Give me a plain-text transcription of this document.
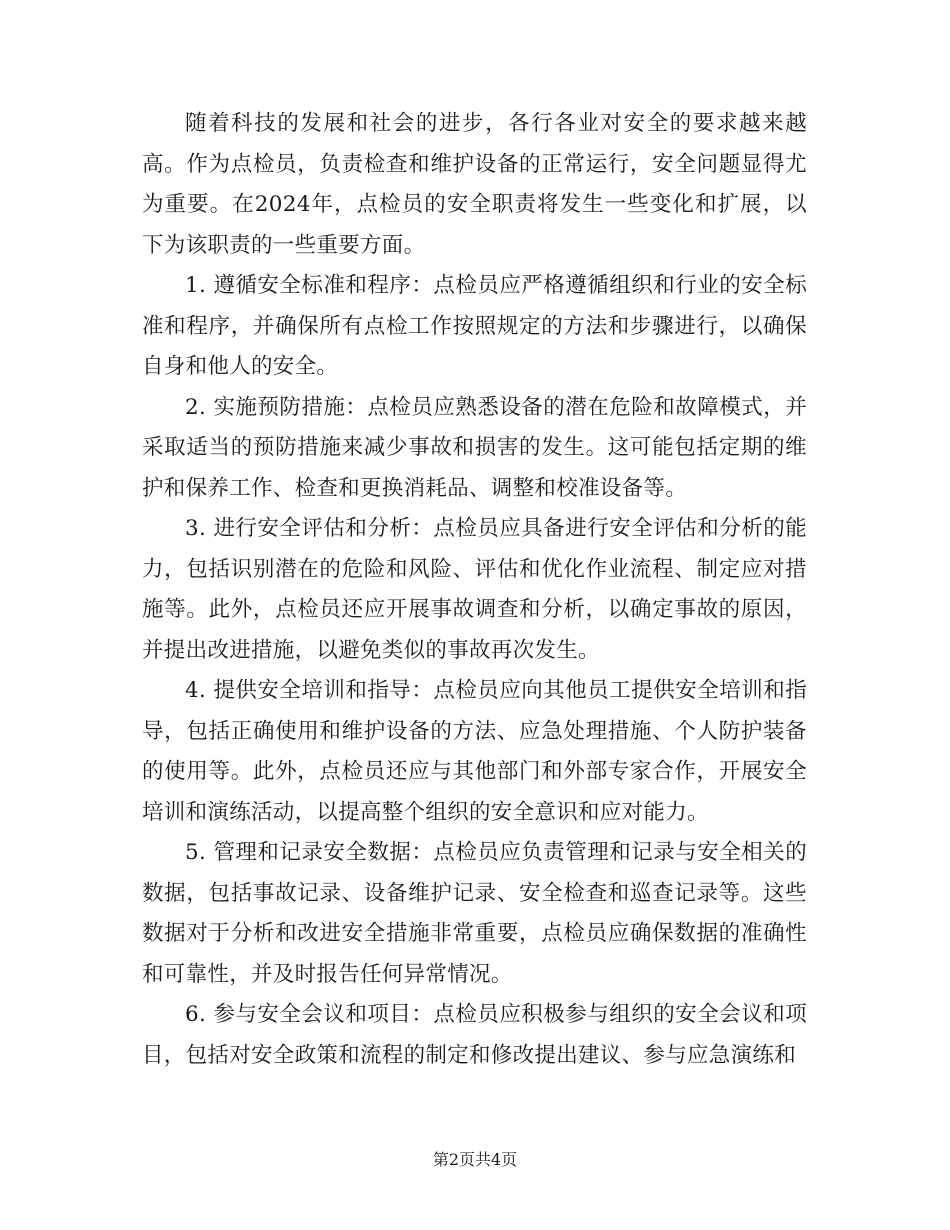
随着科技的发展和社会的进步，各行各业对安全的要求越来越高。作为点检员，负责检查和维护设备的正常运行，安全问题显得尤为重要。在2024年，点检员的安全职责将发生一些变化和扩展，以下为该职责的一些重要方面。

1. 遵循安全标准和程序：点检员应严格遵循组织和行业的安全标准和程序，并确保所有点检工作按照规定的方法和步骤进行，以确保自身和他人的安全。

2. 实施预防措施：点检员应熟悉设备的潜在危险和故障模式，并采取适当的预防措施来减少事故和损害的发生。这可能包括定期的维护和保养工作、检查和更换消耗品、调整和校准设备等。

3. 进行安全评估和分析：点检员应具备进行安全评估和分析的能力，包括识别潜在的危险和风险、评估和优化作业流程、制定应对措施等。此外，点检员还应开展事故调查和分析，以确定事故的原因，并提出改进措施，以避免类似的事故再次发生。

4. 提供安全培训和指导：点检员应向其他员工提供安全培训和指导，包括正确使用和维护设备的方法、应急处理措施、个人防护装备的使用等。此外，点检员还应与其他部门和外部专家合作，开展安全培训和演练活动，以提高整个组织的安全意识和应对能力。

5. 管理和记录安全数据：点检员应负责管理和记录与安全相关的数据，包括事故记录、设备维护记录、安全检查和巡查记录等。这些数据对于分析和改进安全措施非常重要，点检员应确保数据的准确性和可靠性，并及时报告任何异常情况。

6. 参与安全会议和项目：点检员应积极参与组织的安全会议和项目，包括对安全政策和流程的制定和修改提出建议、参与应急演练和

第2页共4页
